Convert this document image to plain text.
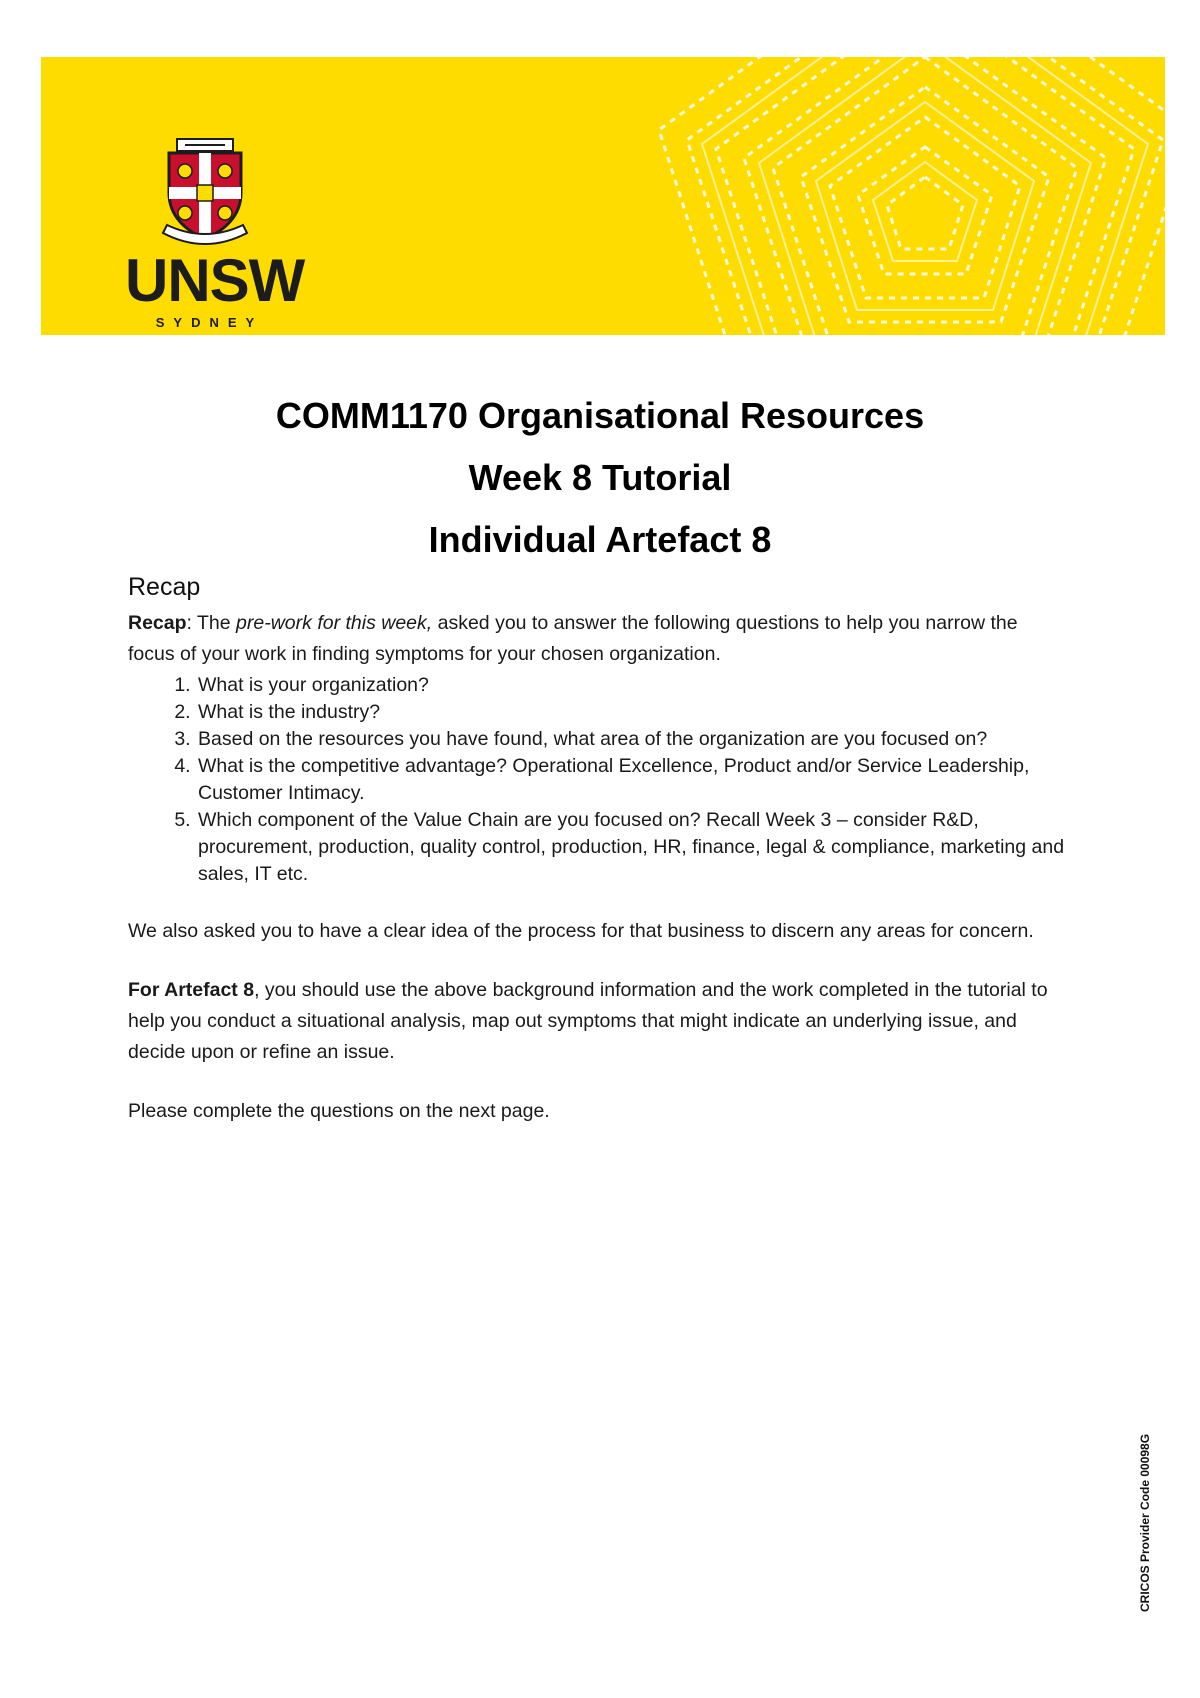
UNSW
SYDNEY
COMM1170 Organisational Resources
Week 8 Tutorial
Individual Artefact 8
Recap

Recap: The pre-work for this week, asked you to answer the following questions to help you narrow the focus of your work in finding symptoms for your chosen organization.

1. What is your organization?
2. What is the industry?
3. Based on the resources you have found, what area of the organization are you focused on?
4. What is the competitive advantage? Operational Excellence, Product and/or Service Leadership, Customer Intimacy.
5. Which component of the Value Chain are you focused on? Recall Week 3 – consider R&D, procurement, production, quality control, production, HR, finance, legal & compliance, marketing and sales, IT etc.

We also asked you to have a clear idea of the process for that business to discern any areas for concern.

For Artefact 8, you should use the above background information and the work completed in the tutorial to help you conduct a situational analysis, map out symptoms that might indicate an underlying issue, and decide upon or refine an issue.

Please complete the questions on the next page.

CRICOS Provider Code 00098G
